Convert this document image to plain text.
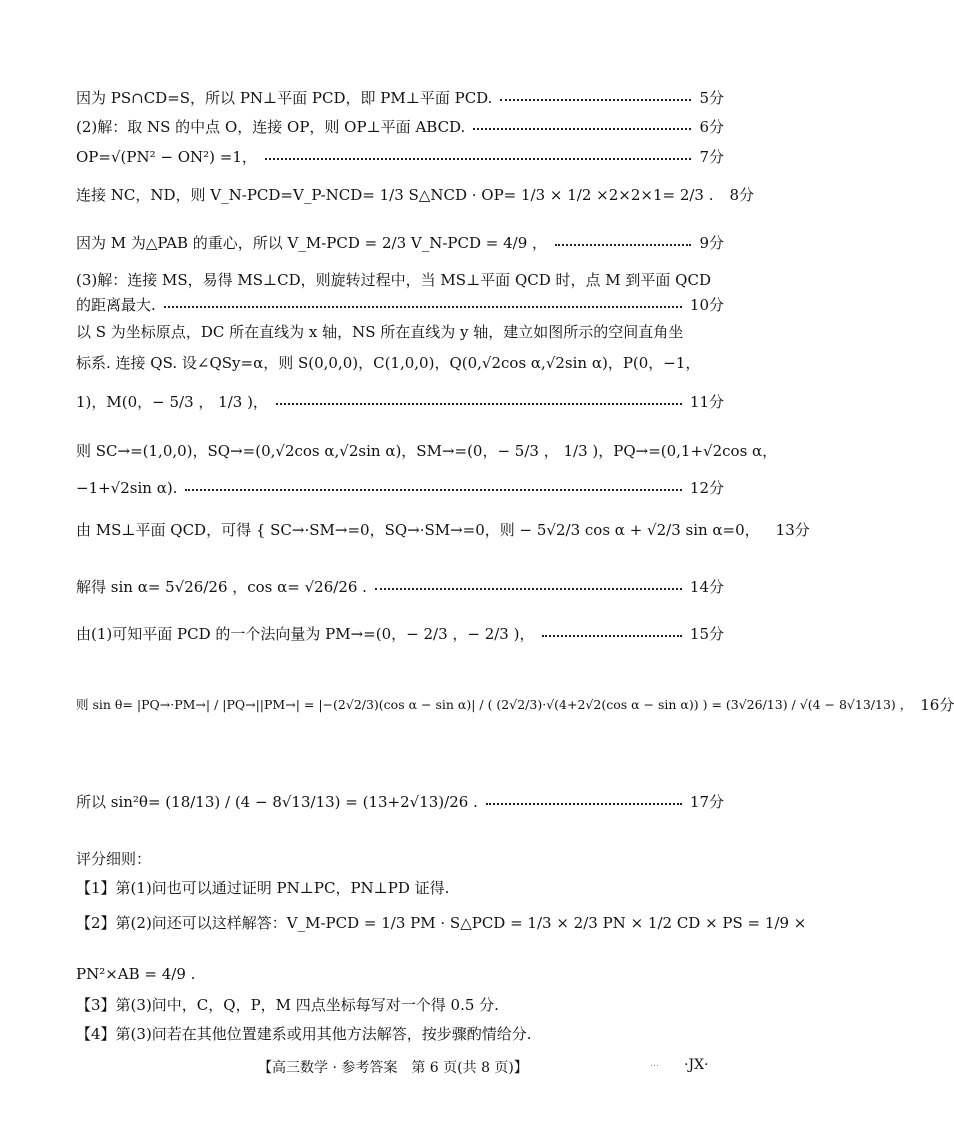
因为 PS∩CD=S，所以 PN⊥平面 PCD，即 PM⊥平面 PCD.	5分
(2)解：取 NS 的中点 O，连接 OP，则 OP⊥平面 ABCD.	6分
OP=√(PN² − ON²) =1，	7分
连接 NC，ND，则 V_N-PCD=V_P-NCD= 1/3 S△NCD · OP= 1/3 × 1/2 ×2×2×1= 2/3 . 8分
因为 M 为△PAB 的重心，所以 V_M-PCD = 2/3 V_N-PCD = 4/9 ，	9分
(3)解：连接 MS，易得 MS⊥CD，则旋转过程中，当 MS⊥平面 QCD 时，点 M 到平面 QCD
的距离最大.	10分
以 S 为坐标原点，DC 所在直线为 x 轴，NS 所在直线为 y 轴，建立如图所示的空间直角坐
标系. 连接 QS. 设∠QSy=α，则 S(0,0,0)，C(1,0,0)，Q(0,√2cos α,√2sin α)，P(0，−1，
1)，M(0，− 5/3 ， 1/3 )，	11分
则 SC→=(1,0,0)，SQ→=(0,√2cos α,√2sin α)，SM→=(0，− 5/3 ， 1/3 )，PQ→=(0,1+√2cos α，
−1+√2sin α).	12分
由 MS⊥平面 QCD，可得 { SC→·SM→=0，SQ→·SM→=0，则 − 5√2/3 cos α + √2/3 sin α=0， 13分
解得 sin α= 5√26/26 ，cos α= √26/26 .	14分
由(1)可知平面 PCD 的一个法向量为 PM→=(0，− 2/3 ，− 2/3 )，	15分
则 sin θ= |PQ→·PM→| / |PQ→||PM→| = |−(2√2/3)(cos α − sin α)| / ( (2√2/3)·√(4+2√2(cos α − sin α)) ) = (3√26/13) / √(4 − 8√13/13) ， 16分
所以 sin²θ= (18/13) / (4 − 8√13/13) = (13+2√13)/26 .	17分
评分细则：
【1】第(1)问也可以通过证明 PN⊥PC，PN⊥PD 证得.
【2】第(2)问还可以这样解答：V_M-PCD = 1/3 PM · S△PCD = 1/3 × 2/3 PN × 1/2 CD × PS = 1/9 ×
PN²×AB = 4/9 .
【3】第(3)问中，C，Q，P，M 四点坐标每写对一个得 0.5 分.
【4】第(3)问若在其他位置建系或用其他方法解答，按步骤酌情给分.
【高三数学 · 参考答案　第 6 页(共 8 页)】	… ·JX·
